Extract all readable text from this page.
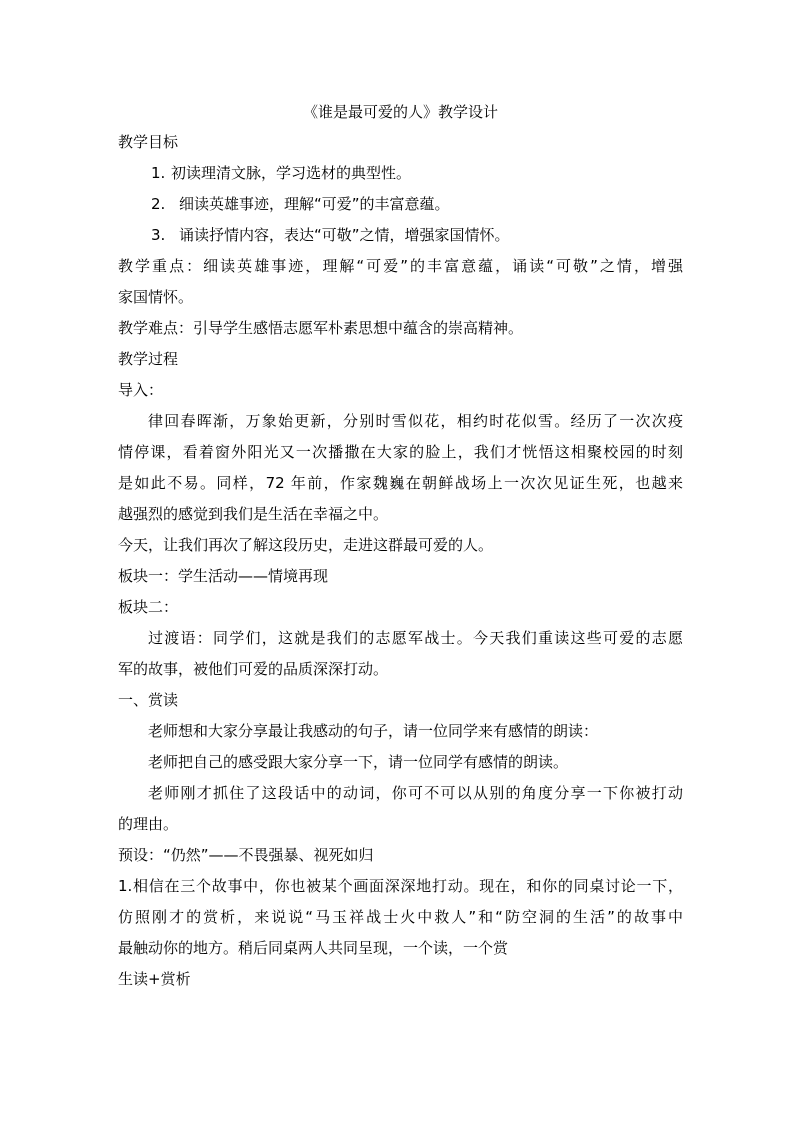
《谁是最可爱的人》教学设计
教学目标
1. 初读理清文脉，学习选材的典型性。
2. 细读英雄事迹，理解“可爱”的丰富意蕴。
3. 诵读抒情内容，表达“可敬”之情，增强家国情怀。
教学重点：细读英雄事迹，理解“可爱”的丰富意蕴，诵读“可敬”之情，增强
家国情怀。
教学难点：引导学生感悟志愿军朴素思想中蕴含的崇高精神。
教学过程
导入：
律回春晖渐，万象始更新，分别时雪似花，相约时花似雪。经历了一次次疫
情停课，看着窗外阳光又一次播撒在大家的脸上，我们才恍悟这相聚校园的时刻
是如此不易。同样，72 年前，作家魏巍在朝鲜战场上一次次见证生死，也越来
越强烈的感觉到我们是生活在幸福之中。
今天，让我们再次了解这段历史，走进这群最可爱的人。
板块一：学生活动——情境再现
板块二：
过渡语：同学们，这就是我们的志愿军战士。今天我们重读这些可爱的志愿
军的故事，被他们可爱的品质深深打动。
一、赏读
老师想和大家分享最让我感动的句子，请一位同学来有感情的朗读：
老师把自己的感受跟大家分享一下，请一位同学有感情的朗读。
老师刚才抓住了这段话中的动词，你可不可以从别的角度分享一下你被打动
的理由。
预设：“仍然”——不畏强暴、视死如归
1.相信在三个故事中，你也被某个画面深深地打动。现在，和你的同桌讨论一下，
仿照刚才的赏析，来说说“马玉祥战士火中救人”和“防空洞的生活”的故事中
最触动你的地方。稍后同桌两人共同呈现，一个读，一个赏
生读+赏析
